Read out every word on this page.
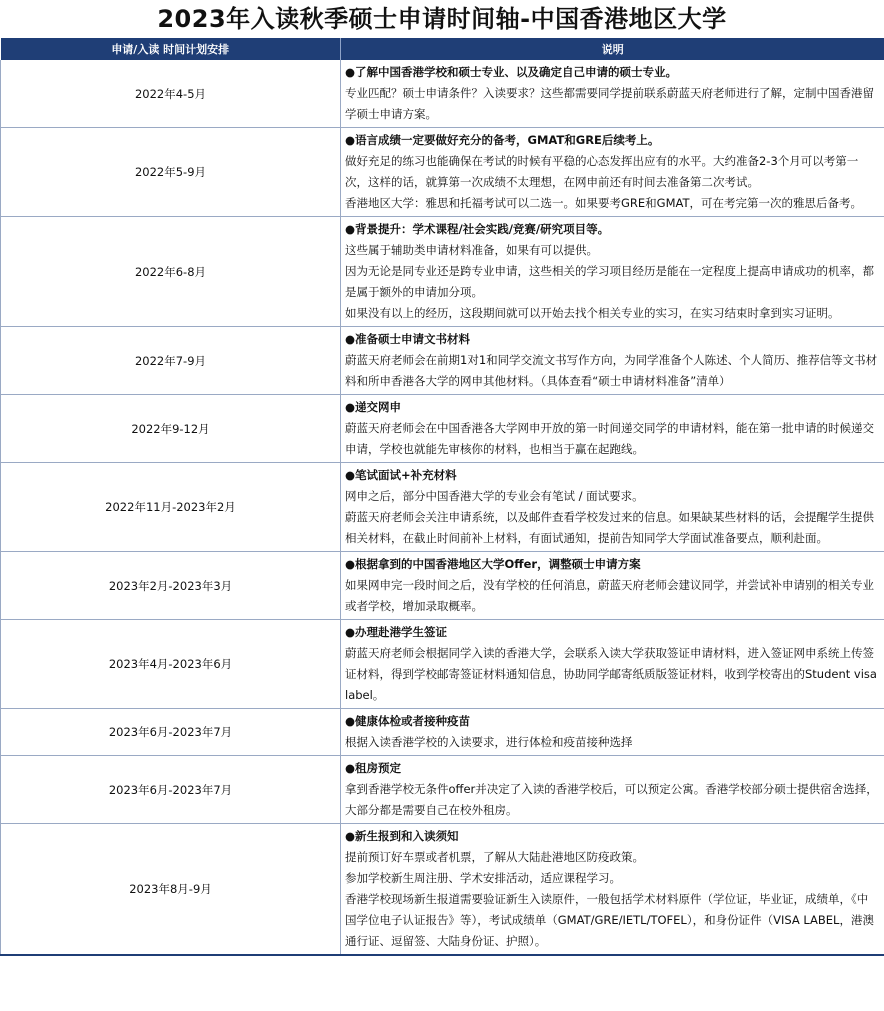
2023年入读秋季硕士申请时间轴-中国香港地区大学
申请/入读 时间计划安排	说明
2022年4-5月	●了解中国香港学校和硕士专业、以及确定自己申请的硕士专业。
专业匹配？硕士申请条件？入读要求？这些都需要同学提前联系蔚蓝天府老师进行了解，定制中国香港留学硕士申请方案。

2022年5-9月	●语言成绩一定要做好充分的备考，GMAT和GRE后续考上。
做好充足的练习也能确保在考试的时候有平稳的心态发挥出应有的水平。大约准备2-3个月可以考第一次，这样的话，就算第一次成绩不太理想，在网申前还有时间去准备第二次考试。
香港地区大学：雅思和托福考试可以二选一。如果要考GRE和GMAT，可在考完第一次的雅思后备考。

2022年6-8月	●背景提升：学术课程/社会实践/竞赛/研究项目等。
这些属于辅助类申请材料准备，如果有可以提供。
因为无论是同专业还是跨专业申请，这些相关的学习项目经历是能在一定程度上提高申请成功的机率，都是属于额外的申请加分项。
如果没有以上的经历，这段期间就可以开始去找个相关专业的实习，在实习结束时拿到实习证明。

2022年7-9月	●准备硕士申请文书材料
蔚蓝天府老师会在前期1对1和同学交流文书写作方向，为同学准备个人陈述、个人简历、推荐信等文书材料和所申香港各大学的网申其他材料。（具体查看“硕士申请材料准备”清单）

2022年9-12月	●递交网申
蔚蓝天府老师会在中国香港各大学网申开放的第一时间递交同学的申请材料，能在第一批申请的时候递交申请，学校也就能先审核你的材料，也相当于赢在起跑线。

2022年11月-2023年2月	●笔试面试+补充材料
网申之后，部分中国香港大学的专业会有笔试 / 面试要求。
蔚蓝天府老师会关注申请系统，以及邮件查看学校发过来的信息。如果缺某些材料的话，会提醒学生提供相关材料，在截止时间前补上材料，有面试通知，提前告知同学大学面试准备要点，顺利赴面。

2023年2月-2023年3月	●根据拿到的中国香港地区大学Offer，调整硕士申请方案
如果网申完一段时间之后，没有学校的任何消息，蔚蓝天府老师会建议同学，并尝试补申请别的相关专业或者学校，增加录取概率。

2023年4月-2023年6月	●办理赴港学生签证
蔚蓝天府老师会根据同学入读的香港大学，会联系入读大学获取签证申请材料，进入签证网申系统上传签证材料，得到学校邮寄签证材料通知信息，协助同学邮寄纸质版签证材料，收到学校寄出的Student visa label。

2023年6月-2023年7月	●健康体检或者接种疫苗
根据入读香港学校的入读要求，进行体检和疫苗接种选择

2023年6月-2023年7月	●租房预定
拿到香港学校无条件offer并决定了入读的香港学校后，可以预定公寓。香港学校部分硕士提供宿舍选择，大部分都是需要自己在校外租房。

2023年8月-9月	●新生报到和入读须知
提前预订好车票或者机票，了解从大陆赴港地区防疫政策。
参加学校新生周注册、学术安排活动，适应课程学习。
香港学校现场新生报道需要验证新生入读原件，一般包括学术材料原件（学位证，毕业证，成绩单，《中国学位电子认证报告》等），考试成绩单（GMAT/GRE/IETL/TOFEL），和身份证件（VISA LABEL，港澳通行证、逗留签、大陆身份证、护照）。
